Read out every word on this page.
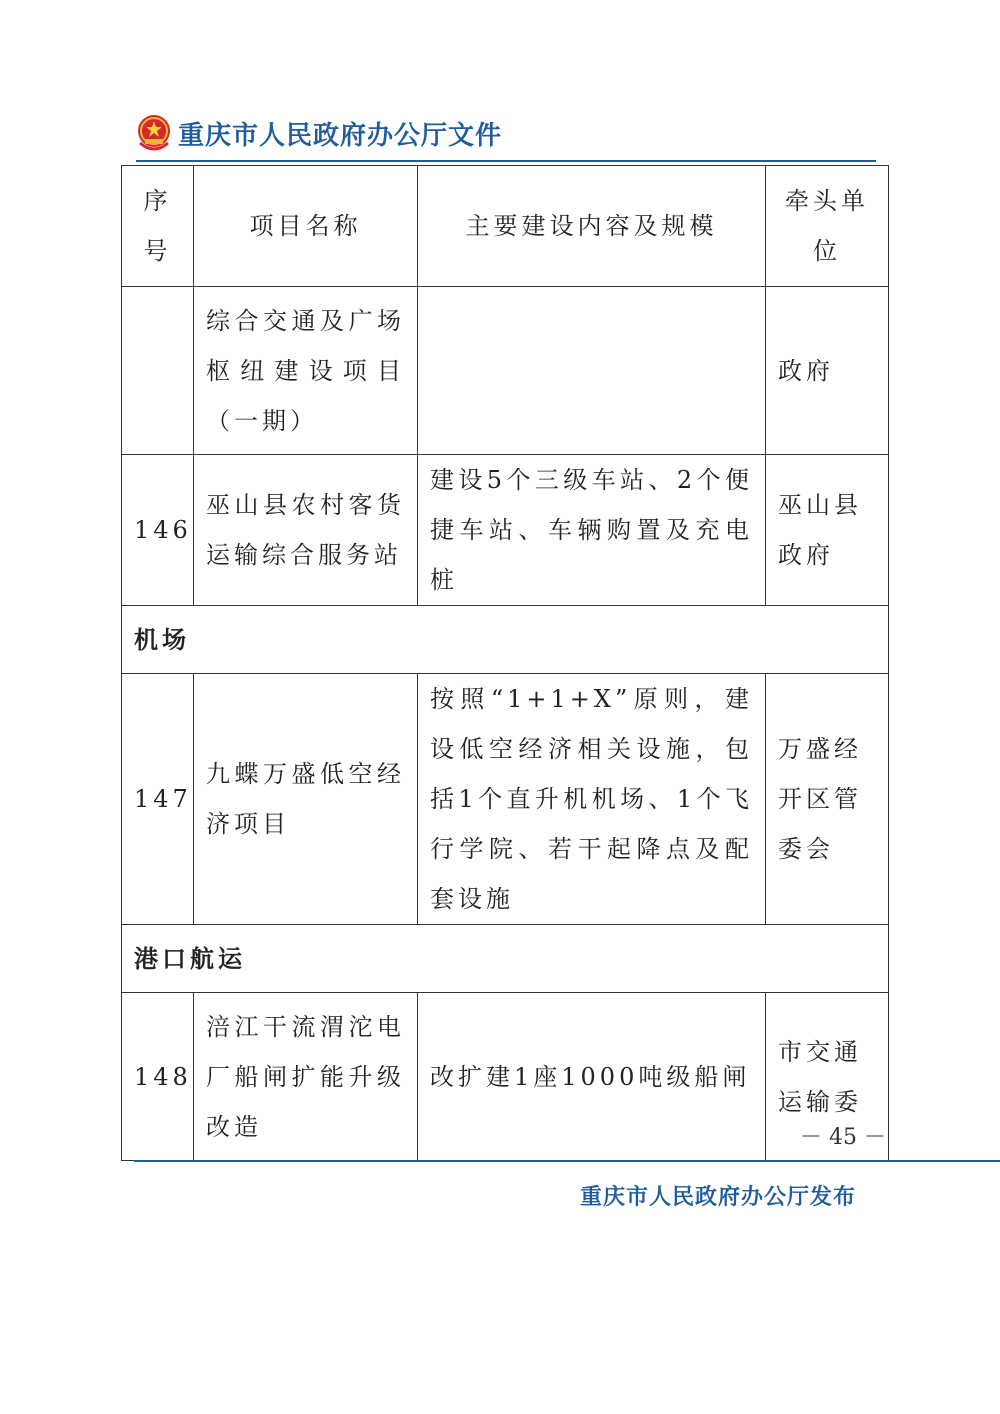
重庆市人民政府办公厅文件
序号	项目名称	主要建设内容及规模	牵头单位
	综合交通及广场枢纽建设项目（一期）		政府
146	巫山县农村客货运输综合服务站	建设5个三级车站、2个便捷车站、车辆购置及充电桩	巫山县政府
机场			
147	九蝶万盛低空经济项目	按照“1+1+X”原则，建设低空经济相关设施，包括1个直升机机场、1个飞行学院、若干起降点及配套设施	万盛经开区管委会
港口航运			
148	涪江干流渭沱电厂船闸扩能升级改造	改扩建1座1000吨级船闸	市交通运输委
－ 45 －
重庆市人民政府办公厅发布
